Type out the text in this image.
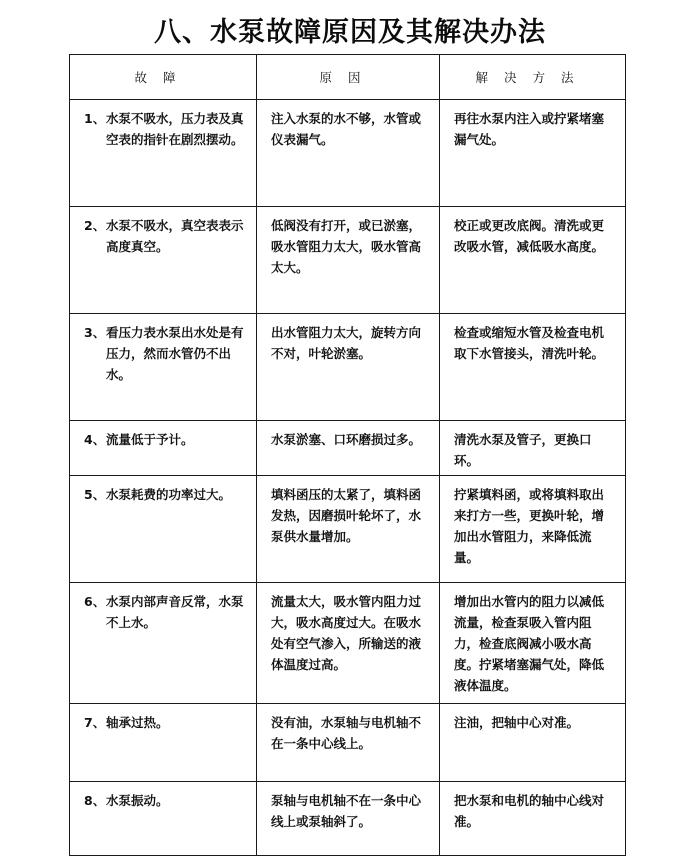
八、水泵故障原因及其解决办法
故障	原因	解决方法

1、 水泵不吸水，压力表及真空表的指针在剧烈摆动。	注入水泵的水不够，水管或仪表漏气。	再往水泵内注入或拧紧堵塞漏气处。

2、 水泵不吸水，真空表表示高度真空。	低阀没有打开，或已淤塞，吸水管阻力太大，吸水管高太大。	校正或更改底阀。清洗或更改吸水管，减低吸水高度。

3、 看压力表水泵出水处是有压力，然而水管仍不出水。	出水管阻力太大，旋转方向不对，叶轮淤塞。	检查或缩短水管及检查电机取下水管接头，清洗叶轮。

4、 流量低于予计。	水泵淤塞、口环磨损过多。	清洗水泵及管子，更换口环。

5、 水泵耗费的功率过大。	填料函压的太紧了，填料函发热，因磨损叶轮坏了，水泵供水量增加。	拧紧填料函，或将填料取出来打方一些，更换叶轮，增加出水管阻力，来降低流量。

6、 水泵内部声音反常，水泵不上水。	流量太大，吸水管内阻力过大，吸水高度过大。在吸水处有空气渗入，所输送的液体温度过高。	增加出水管内的阻力以减低流量，检查泵吸入管内阻力，检查底阀减小吸水高度。拧紧堵塞漏气处，降低液体温度。

7、 轴承过热。	没有油，水泵轴与电机轴不在一条中心线上。	注油，把轴中心对准。

8、 水泵振动。	泵轴与电机轴不在一条中心线上或泵轴斜了。	把水泵和电机的轴中心线对准。
